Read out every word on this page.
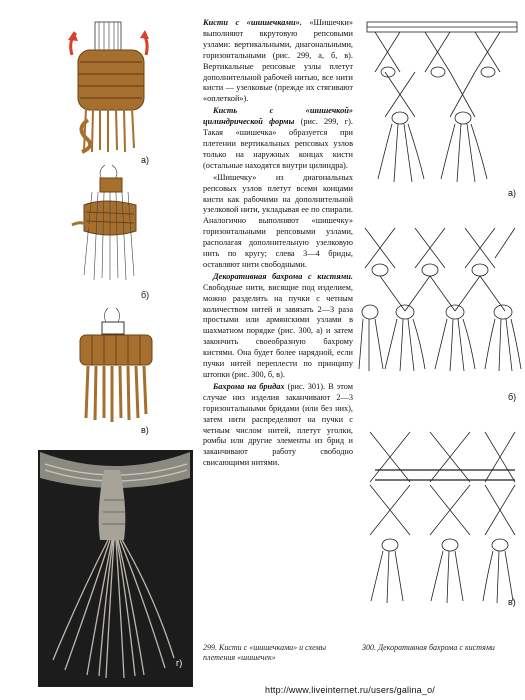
а)
б)
в)
г)

Кисти с «шишечками». «Шишечки» выполняют вкрутовую репсовыми узлами: вертикальными, диагональными, горизонтальными (рис. 299, а, б, в). Вертикальные репсовые узлы плетут дополнительной рабочей нитью, все нити кисти — узелковые (прежде их стягивают «оплеткой»).

Кисть с «шишечкой» цилиндрической формы (рис. 299, г). Такая «шишечка» образуется при плетении вертикальных репсовых узлов только на наружных концах кисти (остальные находятся внутри цилиндра).

«Шишечку» из диагональных репсовых узлов плетут всеми концами кисти как рабочими на дополнительной узелковой нити, укладывая ее по спирали. Аналогично выполняют «шишечку» горизонтальными репсовыми узлами, располагая дополнительную узелковую нить по кругу; слева 3—4 бриды, оставляют нити свободными.

Декоративная бахрома с кистями. Свободные нити, висящие под изделием, можно разделить на пучки с четным количеством нитей и завязать 2—3 раза простыми или армянскими узлами в шахматном порядке (рис. 300, а) и затем закончить своеобразную бахрому кистями. Она будет более нарядной, если пучки нитей переплести по принципу штопки (рис. 300, б, в).

Бахрома на бридах (рис. 301). В этом случае низ изделия заканчивают 2—3 горизонтальными бридами (или без них), затем нити распределяют на пучки с четным числом нитей, плетут уголки, ромбы или другие элементы из брид и заканчивают работу свободно свисающими нитями.

299. Кисти с «шишечками» и схемы плетения «шишечек»
300. Декоративная бахрома с кистями
а)
б)
в)
http://www.liveinternet.ru/users/galina_o/
